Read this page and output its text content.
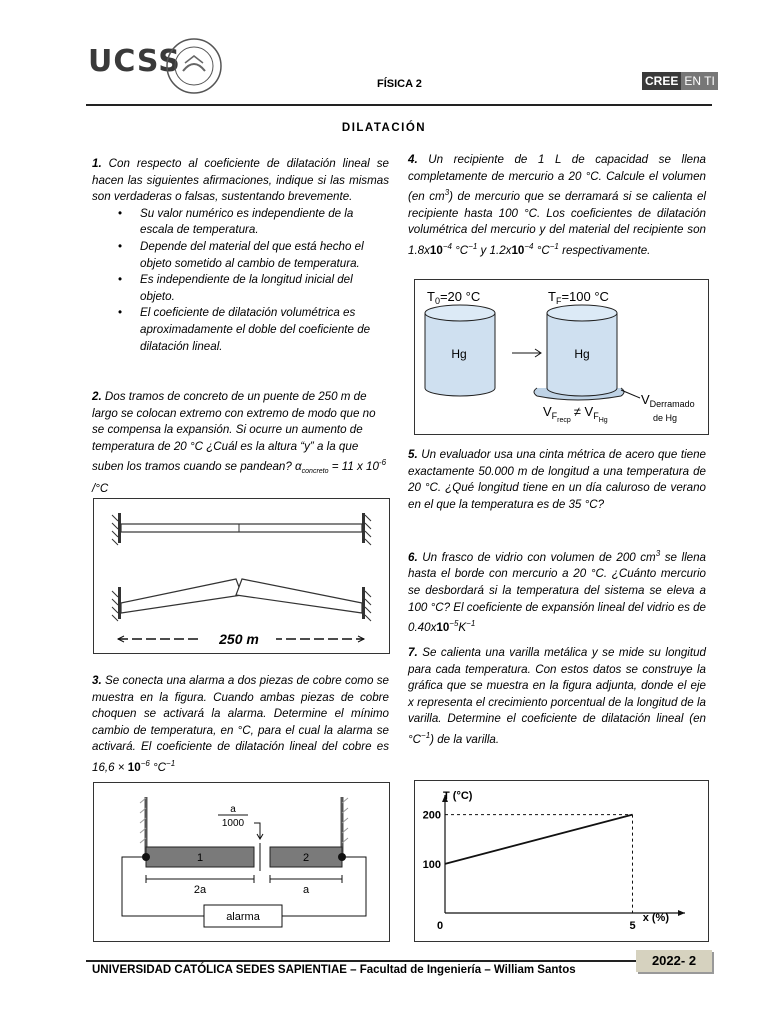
UCSS
FÍSICA 2	CREE EN TI
DILATACIÓN
1. Con respecto al coeficiente de dilatación lineal se hacen las siguientes afirmaciones, indique si las mismas son verdaderas o falsas, sustentando brevemente.
• Su valor numérico es independiente de la escala de temperatura.
• Depende del material del que está hecho el objeto sometido al cambio de temperatura.
• Es independiente de la longitud inicial del objeto.
• El coeficiente de dilatación volumétrica es aproximadamente el doble del coeficiente de dilatación lineal.
2. Dos tramos de concreto de un puente de 250 m de largo se colocan extremo con extremo de modo que no se compensa la expansión. Si ocurre un aumento de temperatura de 20 °C ¿Cuál es la altura “y” a la que suben los tramos cuando se pandean? $\alpha_{concreto} = 11$ x $10^{-6}$ /°C
250 m
3. Se conecta una alarma a dos piezas de cobre como se muestra en la figura. Cuando ambas piezas de cobre choquen se activará la alarma. Determine el mínimo cambio de temperatura, en °C, para el cual la alarma se activará. El coeficiente de dilatación lineal del cobre es $16,6 \times 10^{-6}$ $^\circ C^{-1}$
a
1000
1	2
2a	a
alarma
4. Un recipiente de 1 L de capacidad se llena completamente de mercurio a 20 °C. Calcule el volumen (en $cm^3$) de mercurio que se derramará si se calienta el recipiente hasta 100 °C. Los coeficientes de dilatación volumétrica del mercurio y del material del recipiente son $1.8x10^{-4}$ $^\circ C^{-1}$ y $1.2x10^{-4}$ $^\circ C^{-1}$ respectivamente.
$T_0=20$ °C	$T_F=100$ °C
Hg	Hg
$V_{Derramado}$
de Hg
$V_{Frecp}\ne V_{FHg}$
5. Un evaluador usa una cinta métrica de acero que tiene exactamente 50.000 m de longitud a una temperatura de 20 °C. ¿Qué longitud tiene en un día caluroso de verano en el que la temperatura es de 35 °C?
6. Un frasco de vidrio con volumen de 200 $cm^3$ se llena hasta el borde con mercurio a 20 °C. ¿Cuánto mercurio se desbordará si la temperatura del sistema se eleva a 100 °C? El coeficiente de expansión lineal del vidrio es de $0.40x10^{-5}K^{-1}$
7. Se calienta una varilla metálica y se mide su longitud para cada temperatura. Con estos datos se construye la gráfica que se muestra en la figura adjunta, donde el eje x representa el crecimiento porcentual de la longitud de la varilla. Determine el coeficiente de dilatación lineal (en $^\circ C^{-1}$) de la varilla.
T (°C)
x (%)
0	5
100
200
UNIVERSIDAD CATÓLICA SEDES SAPIENTIAE – Facultad de Ingeniería – William Santos
2022- 2
